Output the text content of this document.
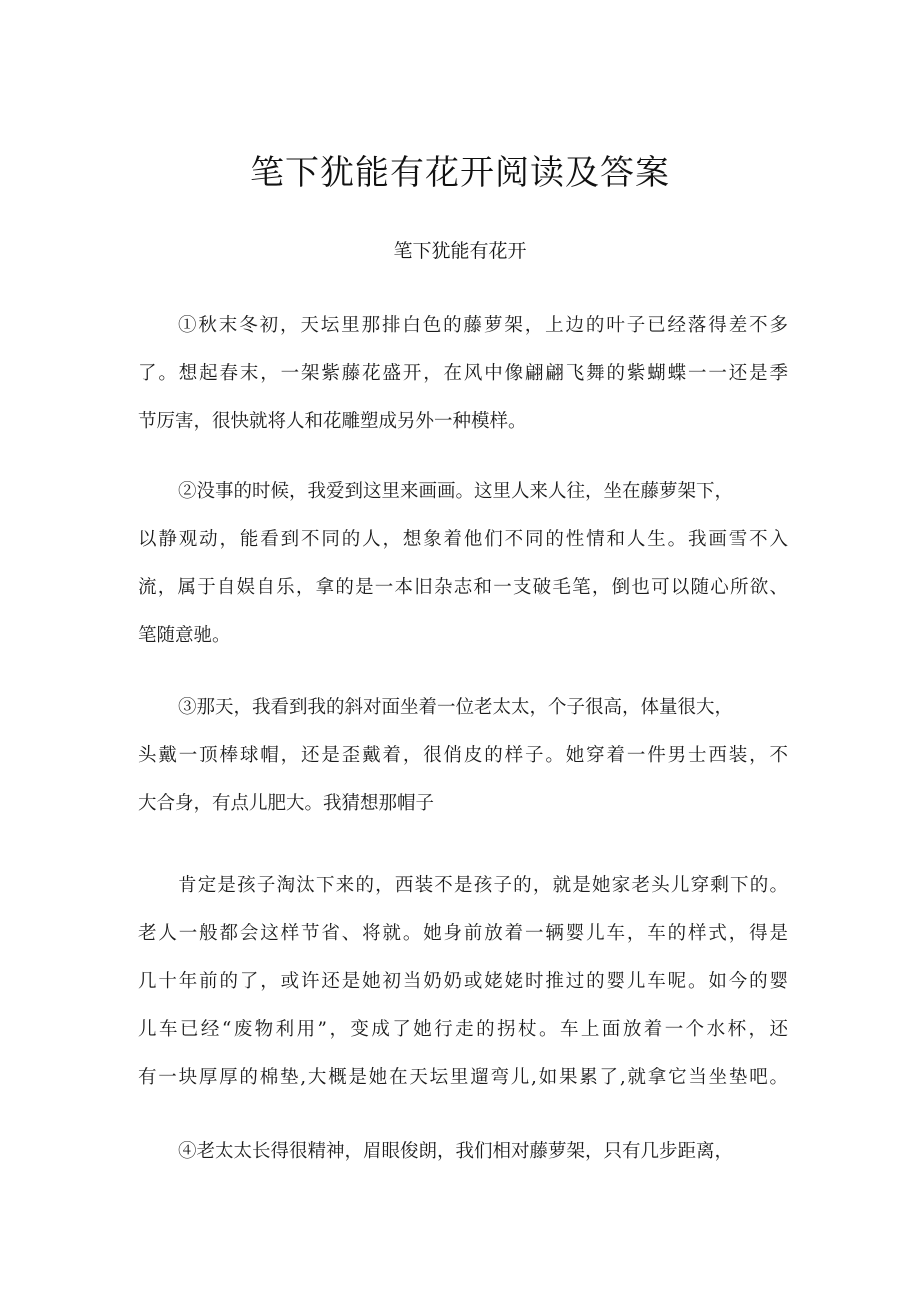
笔下犹能有花开阅读及答案
笔下犹能有花开
①秋末冬初，天坛里那排白色的藤萝架，上边的叶子已经落得差不多
了。想起春末，一架紫藤花盛开，在风中像翩翩飞舞的紫蝴蝶一一还是季
节厉害，很快就将人和花雕塑成另外一种模样。
②没事的时候，我爱到这里来画画。这里人来人往，坐在藤萝架下，
以静观动，能看到不同的人，想象着他们不同的性情和人生。我画雪不入
流，属于自娱自乐，拿的是一本旧杂志和一支破毛笔，倒也可以随心所欲、
笔随意驰。
③那天，我看到我的斜对面坐着一位老太太，个子很高，体量很大，
头戴一顶棒球帽，还是歪戴着，很俏皮的样子。她穿着一件男士西装，不
大合身，有点儿肥大。我猜想那帽子
肯定是孩子淘汰下来的，西装不是孩子的，就是她家老头儿穿剩下的。
老人一般都会这样节省、将就。她身前放着一辆婴儿车，车的样式，得是
几十年前的了，或许还是她初当奶奶或姥姥时推过的婴儿车呢。如今的婴
儿车已经“废物利用”，变成了她行走的拐杖。车上面放着一个水杯，还
有一块厚厚的棉垫,大概是她在天坛里遛弯儿,如果累了,就拿它当坐垫吧。
④老太太长得很精神，眉眼俊朗，我们相对藤萝架，只有几步距离，
